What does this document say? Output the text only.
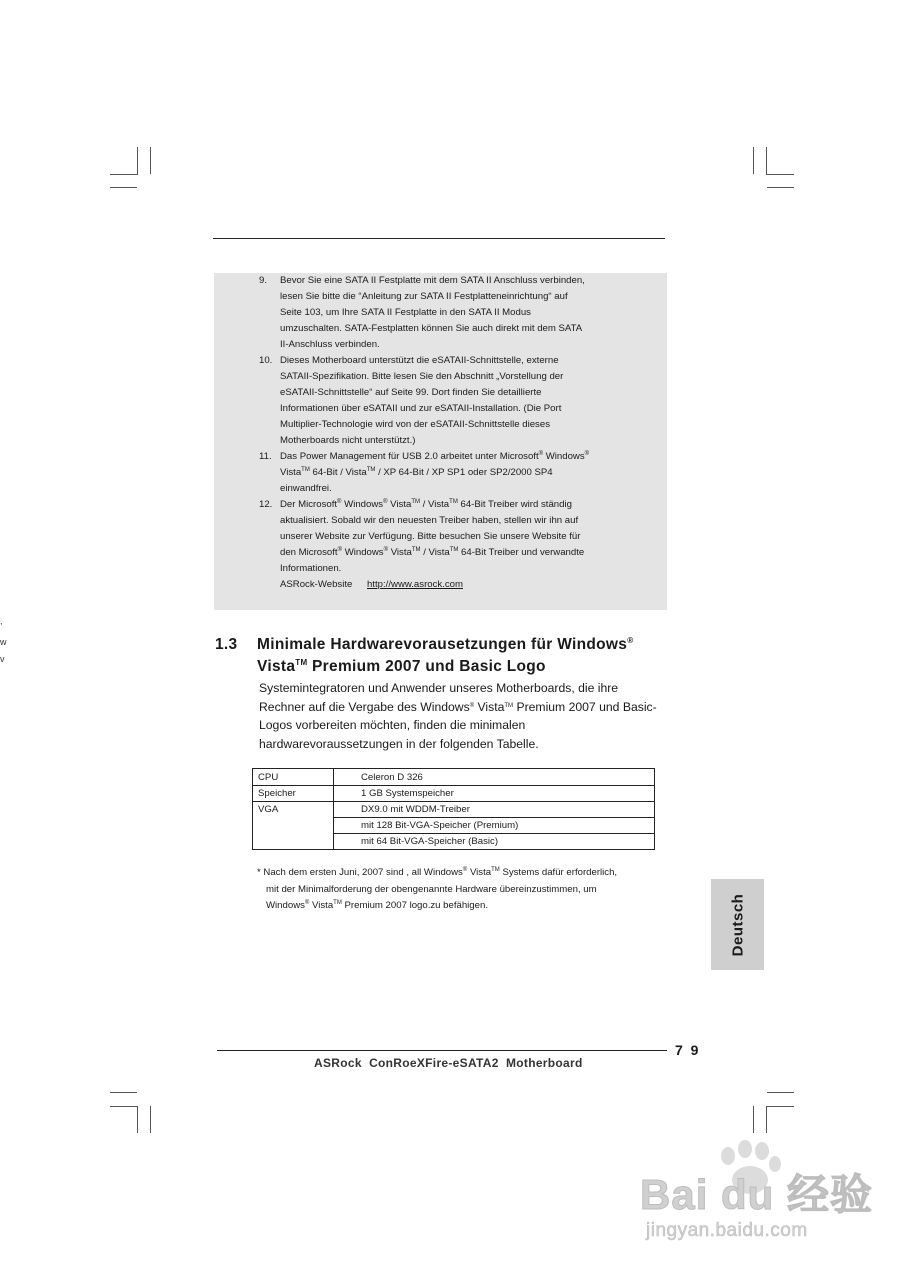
,
w
v
9. Bevor Sie eine SATA II Festplatte mit dem SATA II Anschluss verbinden,
lesen Sie bitte die “Anleitung zur SATA II Festplatteneinrichtung“ auf
Seite 103, um Ihre SATA II Festplatte in den SATA II Modus
umzuschalten. SATA-Festplatten können Sie auch direkt mit dem SATA
II-Anschluss verbinden.
10. Dieses Motherboard unterstützt die eSATAII-Schnittstelle, externe
SATAII-Spezifikation. Bitte lesen Sie den Abschnitt „Vorstellung der
eSATAII-Schnittstelle“ auf Seite 99. Dort finden Sie detaillierte
Informationen über eSATAII und zur eSATAII-Installation. (Die Port
Multiplier-Technologie wird von der eSATAII-Schnittstelle dieses
Motherboards nicht unterstützt.)
11. Das Power Management für USB 2.0 arbeitet unter Microsoft® Windows®
Vista™ 64-Bit / Vista™ / XP 64-Bit / XP SP1 oder SP2/2000 SP4
einwandfrei.
12. Der Microsoft® Windows® Vista™ / Vista™ 64-Bit Treiber wird ständig
aktualisiert. Sobald wir den neuesten Treiber haben, stellen wir ihn auf
unserer Website zur Verfügung. Bitte besuchen Sie unsere Website für
den Microsoft® Windows® Vista™ / Vista™ 64-Bit Treiber und verwandte
Informationen.
ASRock-Website http://www.asrock.com
1.3 Minimale Hardwarevorausetzungen für Windows®
Vista™ Premium 2007 und Basic Logo
Systemintegratoren und Anwender unseres Motherboards, die ihre
Rechner auf die Vergabe des Windows® Vista™ Premium 2007 und Basic-
Logos vorbereiten möchten, finden die minimalen
hardwarevoraussetzungen in der folgenden Tabelle.
CPU	Celeron D 326
Speicher	1 GB Systemspeicher
VGA	DX9.0 mit WDDM-Treiber
mit 128 Bit-VGA-Speicher (Premium)
mit 64 Bit-VGA-Speicher (Basic)
* Nach dem ersten Juni, 2007 sind , all Windows® Vista™ Systems dafür erforderlich,
mit der Minimalforderung der obengenannte Hardware übereinzustimmen, um
Windows® Vista™ Premium 2007 logo.zu befähigen.	Deutsch
7 9
ASRock  ConRoeXFire-eSATA2  Motherboard
Bai du 经验
jingyan.baidu.com
